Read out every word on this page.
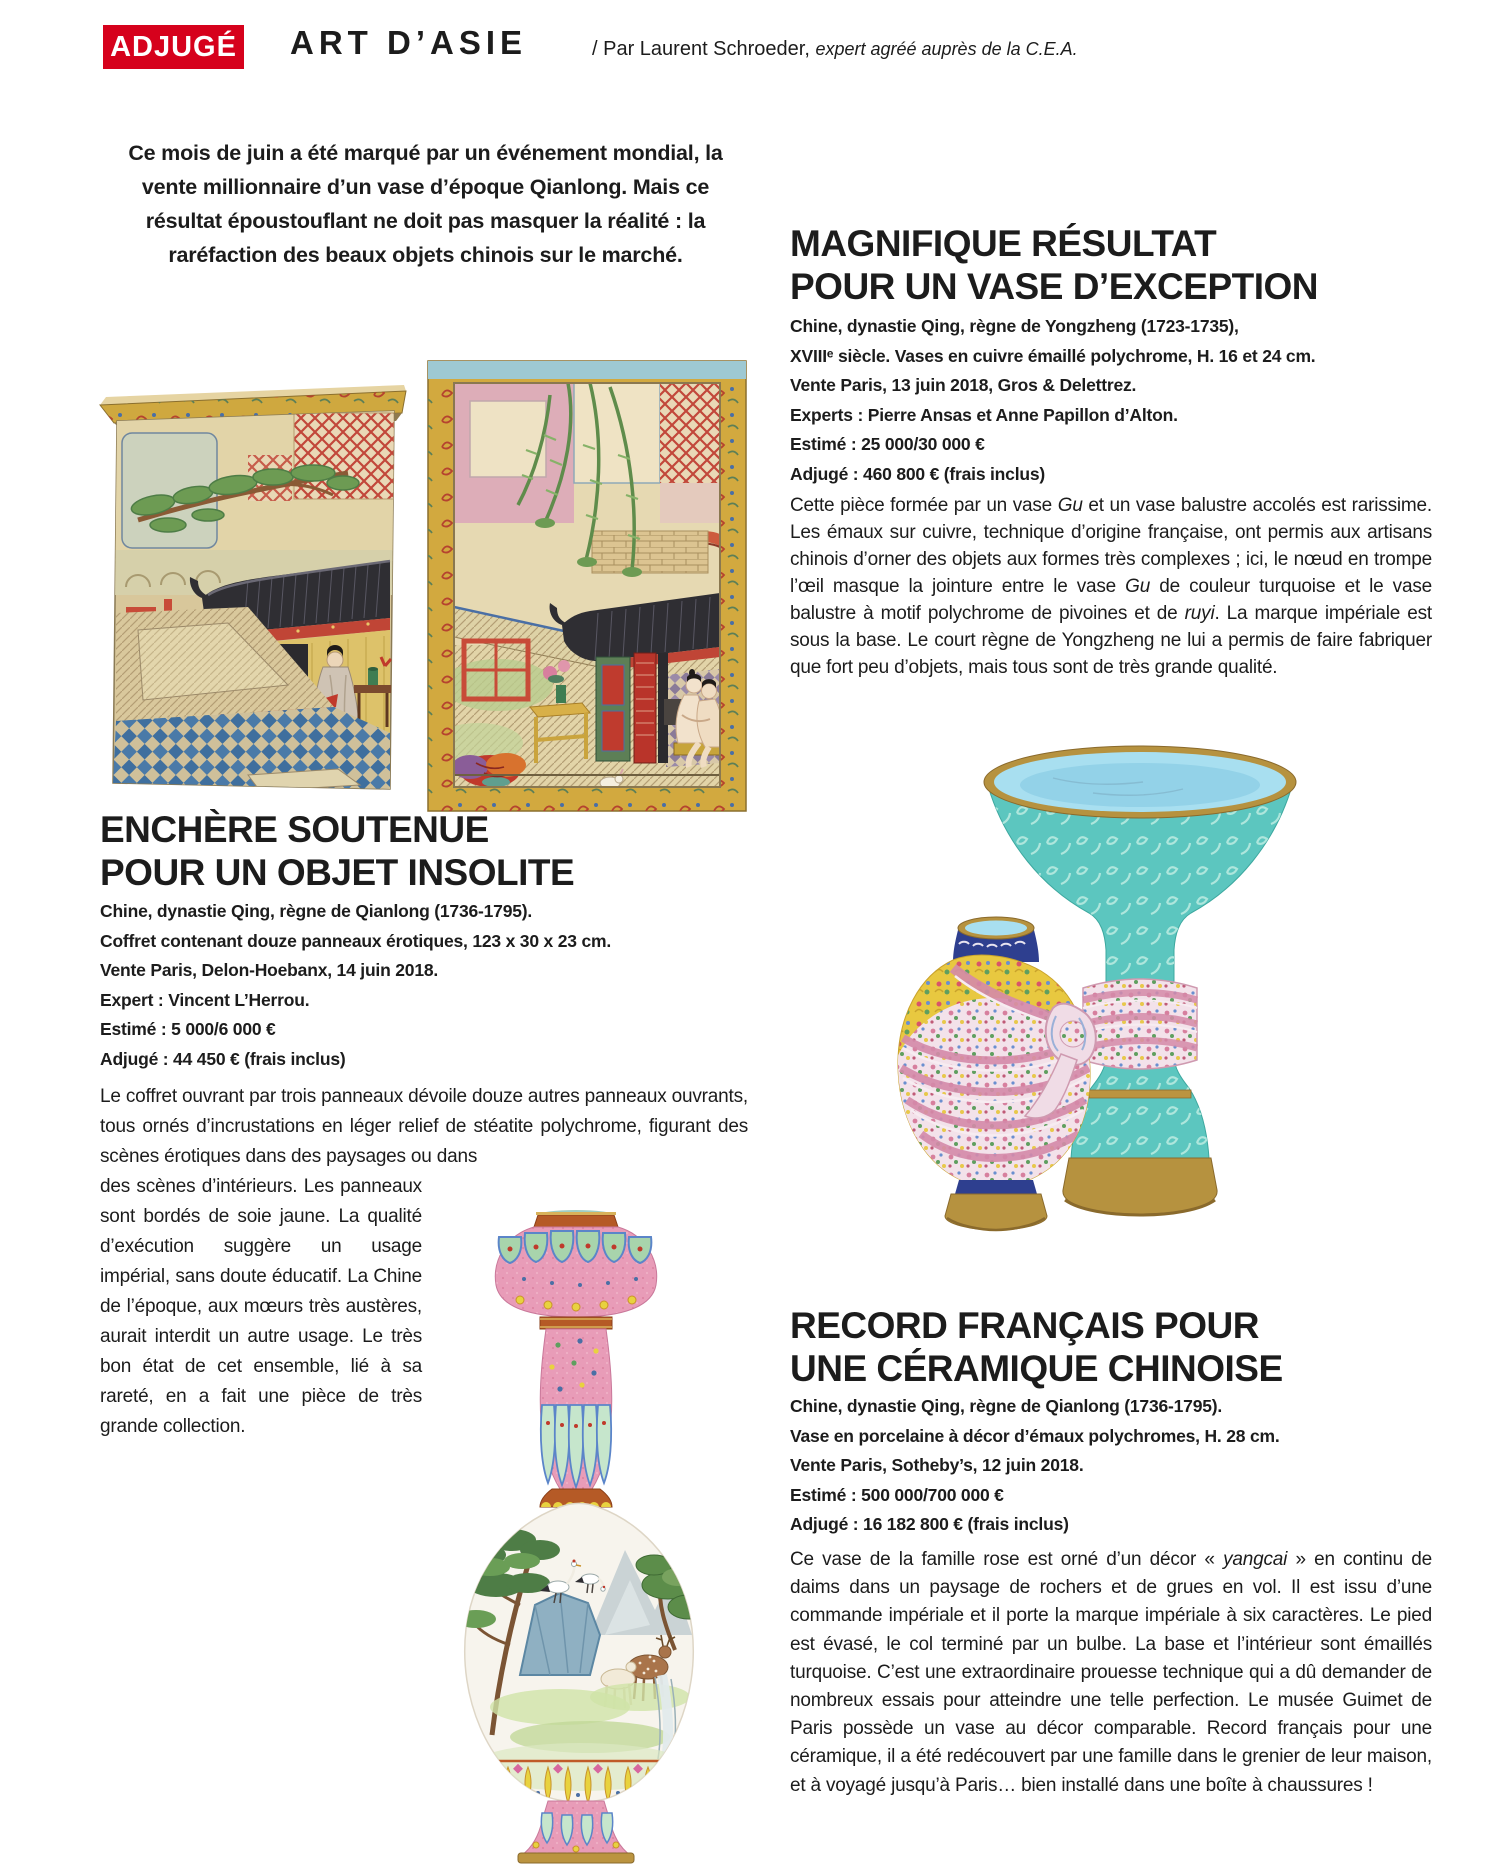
ADJUGÉ ART D’ASIE	/ Par Laurent Schroeder, expert agréé auprès de la C.E.A.
Ce mois de juin a été marqué par un événement mondial, la vente millionnaire d’un vase d’époque Qianlong. Mais ce résultat époustouflant ne doit pas masquer la réalité : la raréfaction des beaux objets chinois sur le marché.
ENCHÈRE SOUTENUE
POUR UN OBJET INSOLITE
Chine, dynastie Qing, règne de Qianlong (1736-1795).
Coffret contenant douze panneaux érotiques, 123 x 30 x 23 cm.
Vente Paris, Delon-Hoebanx, 14 juin 2018.
Expert : Vincent L’Herrou.
Estimé : 5 000/6 000 €
Adjugé : 44 450 € (frais inclus)
Le coffret ouvrant par trois panneaux dévoile douze autres panneaux ouvrants, tous ornés d’incrustations en léger relief de stéatite polychrome, figurant des scènes érotiques dans des paysages ou dans
des scènes d’intérieurs. Les panneaux sont bordés de soie jaune. La qualité d’exécution suggère un usage impérial, sans doute éducatif. La Chine de l’époque, aux mœurs très austères, aurait interdit un autre usage. Le très bon état de cet ensemble, lié à sa rareté, en a fait une pièce de très grande collection.
MAGNIFIQUE RÉSULTAT
POUR UN VASE D’EXCEPTION
Chine, dynastie Qing, règne de Yongzheng (1723-1735),
XVIIIᵉ siècle. Vases en cuivre émaillé polychrome, H. 16 et 24 cm.
Vente Paris, 13 juin 2018, Gros & Delettrez.
Experts : Pierre Ansas et Anne Papillon d’Alton.
Estimé : 25 000/30 000 €
Adjugé : 460 800 € (frais inclus)
Cette pièce formée par un vase Gu et un vase balustre accolés est rarissime. Les émaux sur cuivre, technique d’origine française, ont permis aux artisans chinois d’orner des objets aux formes très complexes ; ici, le nœud en trompe l’œil masque la jointure entre le vase Gu de couleur turquoise et le vase balustre à motif polychrome de pivoines et de ruyi. La marque impériale est sous la base. Le court règne de Yongzheng ne lui a permis de faire fabriquer que fort peu d’objets, mais tous sont de très grande qualité.
RECORD FRANÇAIS POUR
UNE CÉRAMIQUE CHINOISE
Chine, dynastie Qing, règne de Qianlong (1736-1795).
Vase en porcelaine à décor d’émaux polychromes, H. 28 cm.
Vente Paris, Sotheby’s, 12 juin 2018.
Estimé : 500 000/700 000 €
Adjugé : 16 182 800 € (frais inclus)
Ce vase de la famille rose est orné d’un décor « yangcai » en continu de daims dans un paysage de rochers et de grues en vol. Il est issu d’une commande impériale et il porte la marque impériale à six caractères. Le pied est évasé, le col terminé par un bulbe. La base et l’intérieur sont émaillés turquoise. C’est une extraordinaire prouesse technique qui a dû demander de nombreux essais pour atteindre une telle perfection. Le musée Guimet de Paris possède un vase au décor comparable. Record français pour une céramique, il a été redécouvert par une famille dans le grenier de leur maison, et à voyagé jusqu’à Paris… bien installé dans une boîte à chaussures !
